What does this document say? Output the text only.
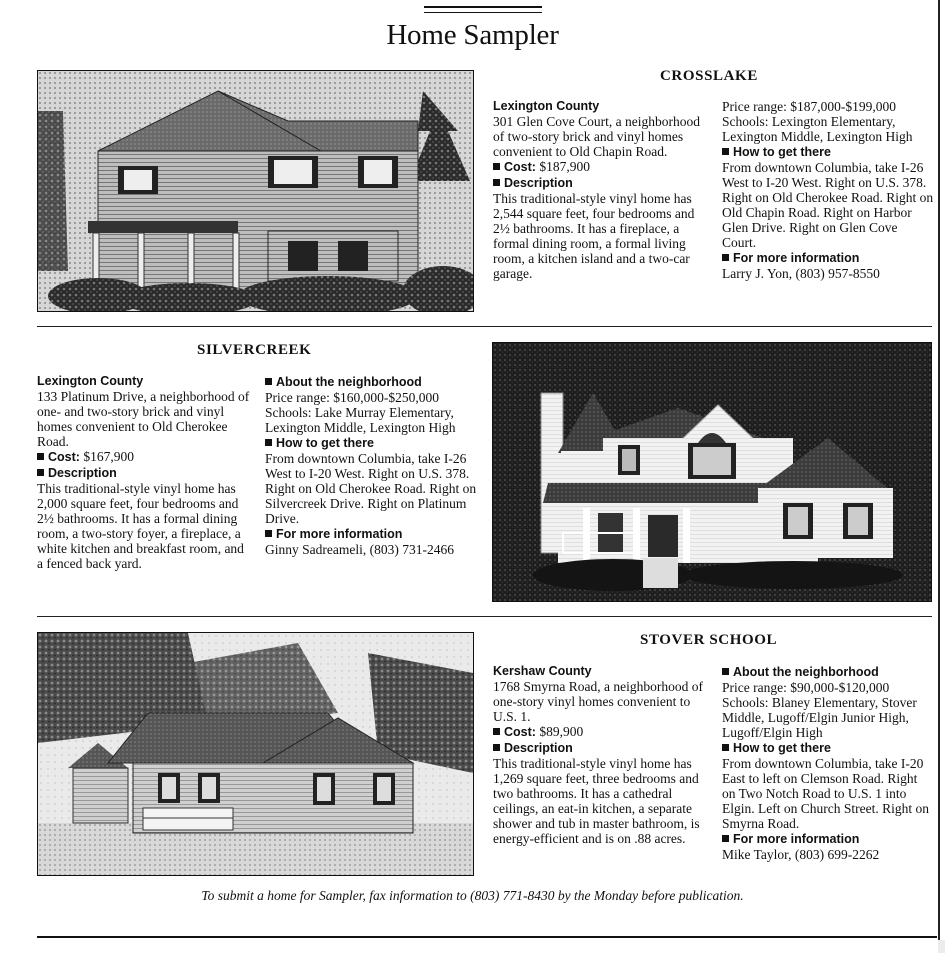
Home Sampler
CROSSLAKE

Lexington County

301 Glen Cove Court, a neighborhood of two-story brick and vinyl homes convenient to Old Chapin Road.

Cost: $187,900

Description

This traditional-style vinyl home has 2,544 square feet, four bedrooms and 2½ bathrooms. It has a fireplace, a formal dining room, a formal living room, a kitchen island and a two-car garage.

Price range: $187,000-$199,000

Schools: Lexington Elementary, Lexington Middle, Lexington High

How to get there

From downtown Columbia, take I-26 West to I-20 West. Right on U.S. 378. Right on Old Cherokee Road. Right on Old Chapin Road. Right on Harbor Glen Drive. Right on Glen Cove Court.

For more information

Larry J. Yon, (803) 957-8550

SILVERCREEK

Lexington County

133 Platinum Drive, a neighborhood of one- and two-story brick and vinyl homes convenient to Old Cherokee Road.

Cost: $167,900

Description

This traditional-style vinyl home has 2,000 square feet, four bedrooms and 2½ bathrooms. It has a formal dining room, a two-story foyer, a fireplace, a white kitchen and breakfast room, and a fenced back yard.

About the neighborhood

Price range: $160,000-$250,000

Schools: Lake Murray Elementary, Lexington Middle, Lexington High

How to get there

From downtown Columbia, take I-26 West to I-20 West. Right on U.S. 378. Right on Old Cherokee Road. Right on Silvercreek Drive. Right on Platinum Drive.

For more information

Ginny Sadreameli, (803) 731-2466

STOVER SCHOOL

Kershaw County

1768 Smyrna Road, a neighborhood of one-story vinyl homes convenient to U.S. 1.

Cost: $89,900

Description

This traditional-style vinyl home has 1,269 square feet, three bedrooms and two bathrooms. It has a cathedral ceilings, an eat-in kitchen, a separate shower and tub in master bathroom, is energy-efficient and is on .88 acres.

About the neighborhood

Price range: $90,000-$120,000

Schools: Blaney Elementary, Stover Middle, Lugoff/Elgin Junior High, Lugoff/Elgin High

How to get there

From downtown Columbia, take I-20 East to left on Clemson Road. Right on Two Notch Road to U.S. 1 into Elgin. Left on Church Street. Right on Smyrna Road.

For more information

Mike Taylor, (803) 699-2262

To submit a home for Sampler, fax information to (803) 771-8430 by the Monday before publication.
